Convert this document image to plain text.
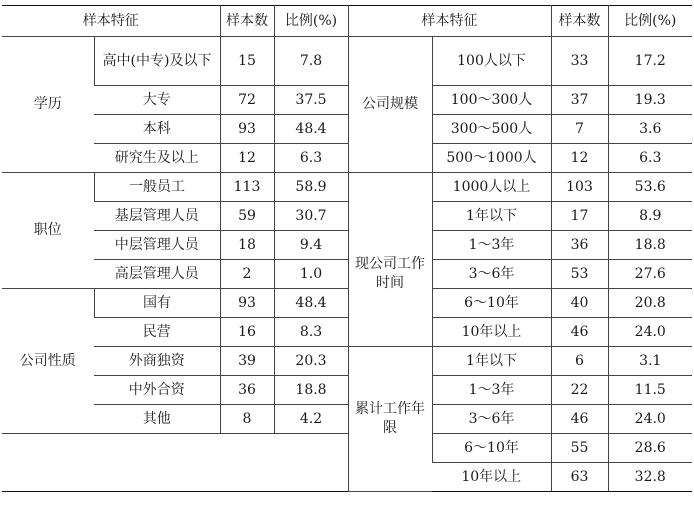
样本特征		样本数	比例(%)	样本特征		样本数	比例(%)
学历	高中(中专)及以下	15	7.8	公司规模	100人以下	33	17.2
	大专	72	37.5		100～300人	37	19.3
	本科	93	48.4		300～500人	7	3.6
	研究生及以上	12	6.3		500～1000人	12	6.3
职位	一般员工	113	58.9		1000人以上	103	53.6
	基层管理人员	59	30.7	现公司工作时间	1年以下	17	8.9
	中层管理人员	18	9.4		1～3年	36	18.8
	高层管理人员	2	1.0		3～6年	53	27.6
公司性质	国有	93	48.4		6～10年	40	20.8
	民营	16	8.3		10年以上	46	24.0
	外商独资	39	20.3	累计工作年限	1年以下	6	3.1
	中外合资	36	18.8		1～3年	22	11.5
	其他	8	4.2		3～6年	46	24.0
					6～10年	55	28.6
					10年以上	63	32.8
